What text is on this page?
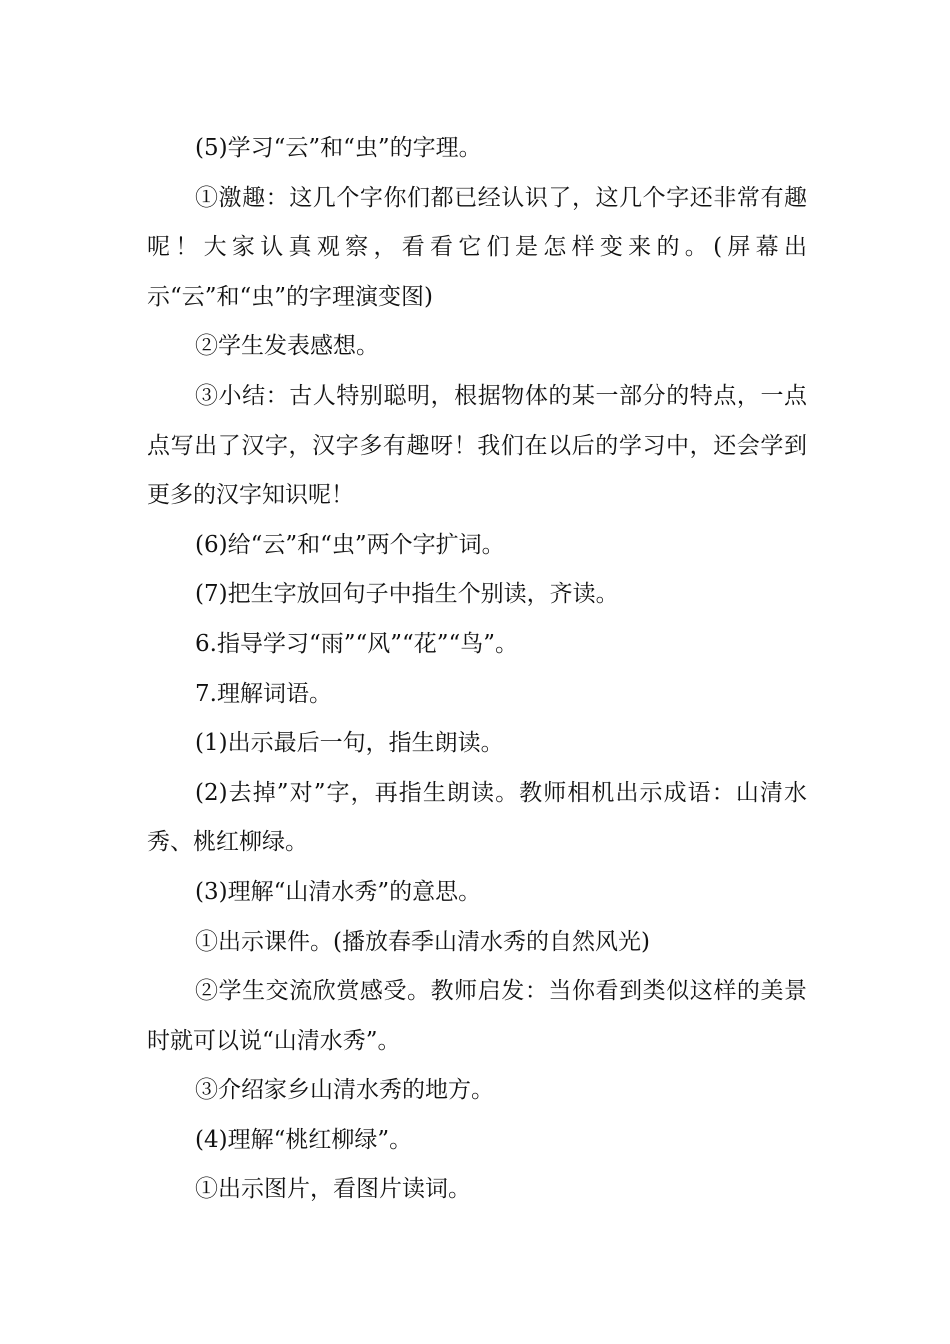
(5)学习“云”和“虫”的字理。

①激趣：这几个字你们都已经认识了，这几个字还非常有趣呢！大家认真观察，看看它们是怎样变来的。(屏幕出示“云”和“虫”的字理演变图)

②学生发表感想。

③小结：古人特别聪明，根据物体的某一部分的特点，一点点写出了汉字，汉字多有趣呀！我们在以后的学习中，还会学到更多的汉字知识呢！

(6)给“云”和“虫”两个字扩词。

(7)把生字放回句子中指生个别读，齐读。

6.指导学习“雨”“风”“花”“鸟”。

7.理解词语。

(1)出示最后一句，指生朗读。

(2)去掉”对”字，再指生朗读。教师相机出示成语：山清水秀、桃红柳绿。

(3)理解“山清水秀”的意思。

①出示课件。(播放春季山清水秀的自然风光)

②学生交流欣赏感受。教师启发：当你看到类似这样的美景时就可以说“山清水秀”。

③介绍家乡山清水秀的地方。

(4)理解“桃红柳绿”。

①出示图片，看图片读词。
